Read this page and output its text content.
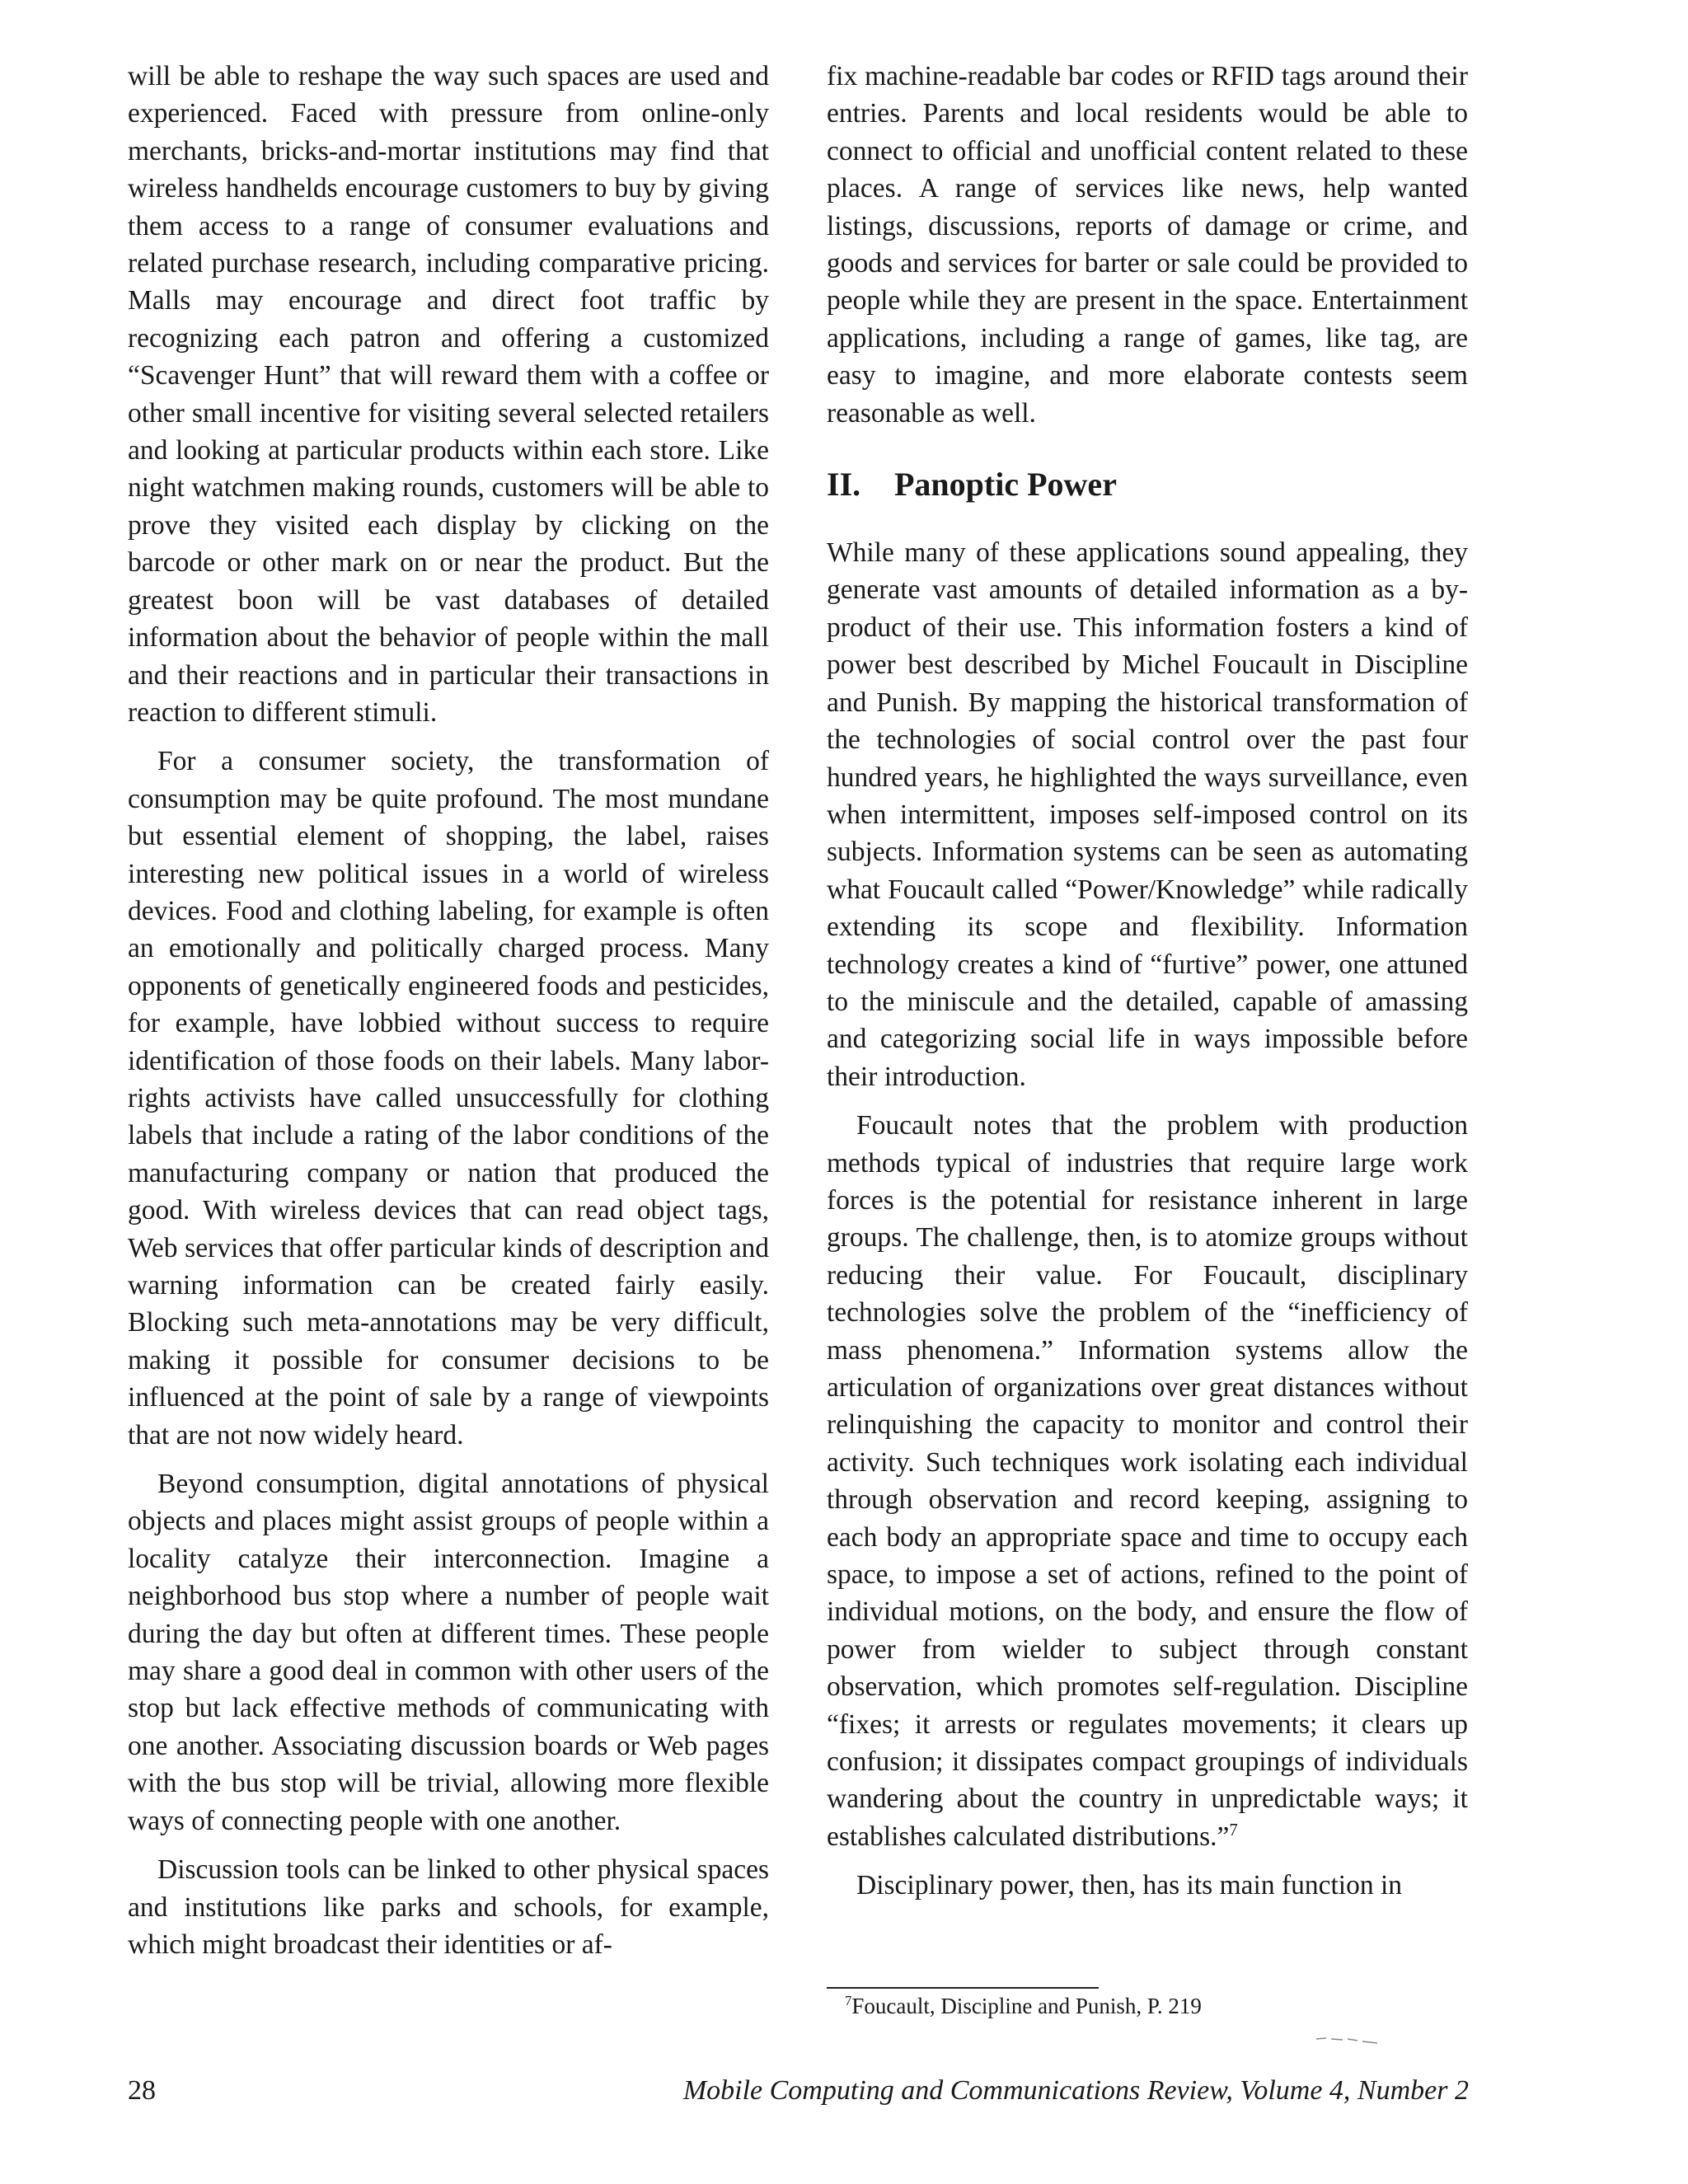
will be able to reshape the way such spaces are used and experienced. Faced with pressure from online-only merchants, bricks-and-mortar institutions may find that wireless handhelds encourage customers to buy by giving them access to a range of consumer evaluations and related purchase research, including comparative pricing. Malls may encourage and direct foot traffic by recognizing each patron and offering a customized “Scavenger Hunt” that will reward them with a coffee or other small incentive for visiting several selected retailers and looking at particular products within each store. Like night watchmen making rounds, customers will be able to prove they visited each display by clicking on the barcode or other mark on or near the product. But the greatest boon will be vast databases of detailed information about the behavior of people within the mall and their reactions and in particular their transactions in reaction to different stimuli.

For a consumer society, the transformation of consumption may be quite profound. The most mundane but essential element of shopping, the label, raises interesting new political issues in a world of wireless devices. Food and clothing labeling, for example is often an emotionally and politically charged process. Many opponents of genetically engineered foods and pesticides, for example, have lobbied without success to require identification of those foods on their labels. Many labor-rights activists have called unsuccessfully for clothing labels that include a rating of the labor conditions of the manufacturing company or nation that produced the good. With wireless devices that can read object tags, Web services that offer particular kinds of description and warning information can be created fairly easily. Blocking such meta-annotations may be very difficult, making it possible for consumer decisions to be influenced at the point of sale by a range of viewpoints that are not now widely heard.

Beyond consumption, digital annotations of physical objects and places might assist groups of people within a locality catalyze their interconnection. Imagine a neighborhood bus stop where a number of people wait during the day but often at different times. These people may share a good deal in common with other users of the stop but lack effective methods of communicating with one another. Associating discussion boards or Web pages with the bus stop will be trivial, allowing more flexible ways of connecting people with one another.

Discussion tools can be linked to other physical spaces and institutions like parks and schools, for example, which might broadcast their identities or af-

fix machine-readable bar codes or RFID tags around their entries. Parents and local residents would be able to connect to official and unofficial content related to these places. A range of services like news, help wanted listings, discussions, reports of damage or crime, and goods and services for barter or sale could be provided to people while they are present in the space. Entertainment applications, including a range of games, like tag, are easy to imagine, and more elaborate contests seem reasonable as well.

II. Panoptic Power

While many of these applications sound appealing, they generate vast amounts of detailed information as a by-product of their use. This information fosters a kind of power best described by Michel Foucault in Discipline and Punish. By mapping the historical transformation of the technologies of social control over the past four hundred years, he highlighted the ways surveillance, even when intermittent, imposes self-imposed control on its subjects. Information systems can be seen as automating what Foucault called “Power/Knowledge” while radically extending its scope and flexibility. Information technology creates a kind of “furtive” power, one attuned to the miniscule and the detailed, capable of amassing and categorizing social life in ways impossible before their introduction.

Foucault notes that the problem with production methods typical of industries that require large work forces is the potential for resistance inherent in large groups. The challenge, then, is to atomize groups without reducing their value. For Foucault, disciplinary technologies solve the problem of the “inefficiency of mass phenomena.” Information systems allow the articulation of organizations over great distances without relinquishing the capacity to monitor and control their activity. Such techniques work isolating each individual through observation and record keeping, assigning to each body an appropriate space and time to occupy each space, to impose a set of actions, refined to the point of individual motions, on the body, and ensure the flow of power from wielder to subject through constant observation, which promotes self-regulation. Discipline “fixes; it arrests or regulates movements; it clears up confusion; it dissipates compact groupings of individuals wandering about the country in unpredictable ways; it establishes calculated distributions.”$^7$

Disciplinary power, then, has its main function in

$^7$Foucault, Discipline and Punish, P. 219
28	Mobile Computing and Communications Review, Volume 4, Number 2
